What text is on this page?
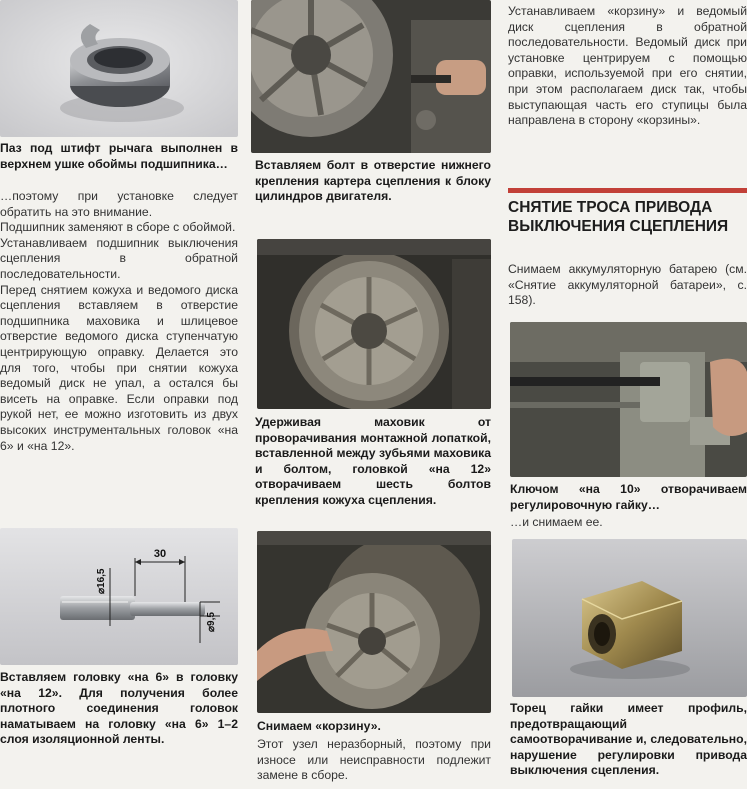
Паз под штифт рычага выполнен в верхнем ушке обоймы подшипника…

…поэтому при установке следует обратить на это внимание.
Подшипник заменяют в сборе с обоймой.
Устанавливаем подшипник выключения сцепления в обратной последовательности.
Перед снятием кожуха и ведомого диска сцепления вставляем в отверстие подшипника маховика и шлицевое отверстие ведомого диска ступенчатую центрирующую оправку. Делается это для того, чтобы при снятии кожуха ведомый диск не упал, а остался бы висеть на оправке. Если оправки под рукой нет, ее можно изготовить из двух высоких инструментальных головок «на 6» и «на 12».
30
⌀16,5
⌀9,5

Вставляем головку «на 6» в головку «на 12». Для получения более плотного соединения головок наматываем на головку «на 6» 1–2 слоя изоляционной ленты.

Вставляем болт в отверстие нижнего крепления картера сцепления к блоку цилиндров двигателя.

Удерживая маховик от проворачивания монтажной лопаткой, вставленной между зубьями маховика и болтом, головкой «на 12» отворачиваем шесть болтов крепления кожуха сцепления.

Снимаем «корзину».

Этот узел неразборный, поэтому при износе или неисправности подлежит замене в сборе.

Устанавливаем «корзину» и ведомый диск сцепления в обратной последовательности. Ведомый диск при установке центрируем с помощью оправки, используемой при его снятии, при этом располагаем диск так, чтобы выступающая часть его ступицы была направлена в сторону «корзины».

СНЯТИЕ ТРОСА ПРИВОДА ВЫКЛЮЧЕНИЯ СЦЕПЛЕНИЯ

Снимаем аккумуляторную батарею (см. «Снятие аккумуляторной батареи», с. 158).

Ключом «на 10» отворачиваем регулировочную гайку…

…и снимаем ее.

Торец гайки имеет профиль, предотвращающий самоотворачивание и, следовательно, нарушение регулировки привода выключения сцепления.
